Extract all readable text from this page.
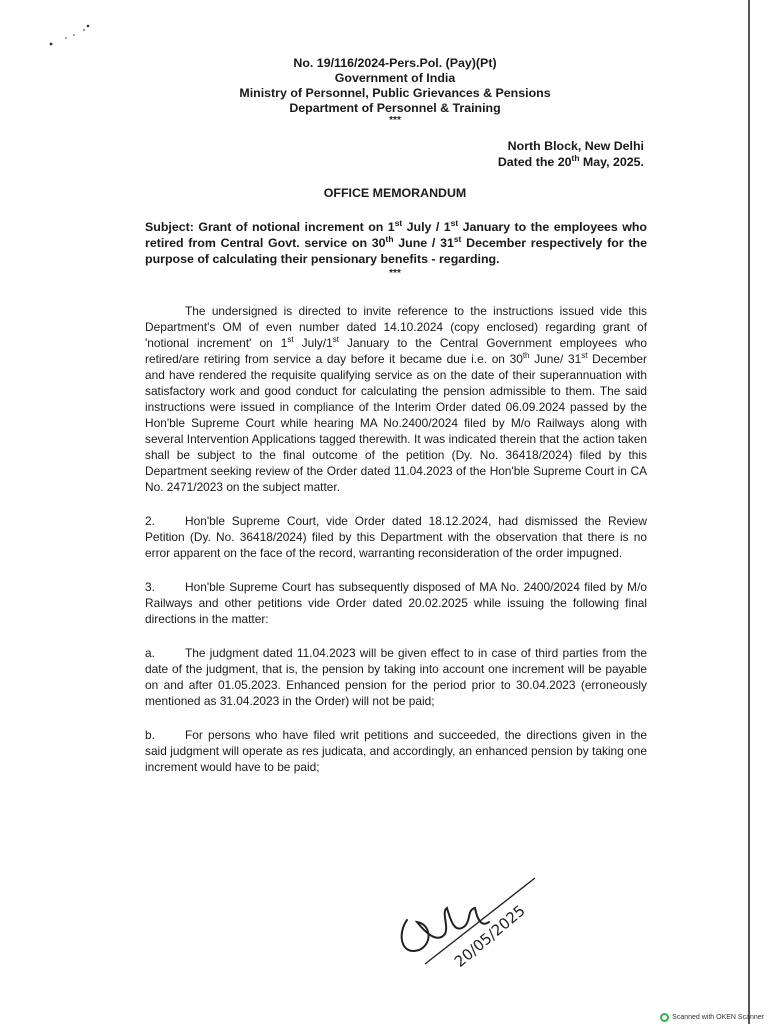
No. 19/116/2024-Pers.Pol. (Pay)(Pt)
Government of India
Ministry of Personnel, Public Grievances & Pensions
Department of Personnel & Training
***
North Block, New Delhi
Dated the 20th May, 2025.
OFFICE MEMORANDUM
Subject: Grant of notional increment on 1st July / 1st January to the employees who retired from Central Govt. service on 30th June / 31st December respectively for the purpose of calculating their pensionary benefits - regarding.
***

The undersigned is directed to invite reference to the instructions issued vide this Department's OM of even number dated 14.10.2024 (copy enclosed) regarding grant of 'notional increment' on 1st July/1st January to the Central Government employees who retired/are retiring from service a day before it became due i.e. on 30th June/ 31st December and have rendered the requisite qualifying service as on the date of their superannuation with satisfactory work and good conduct for calculating the pension admissible to them. The said instructions were issued in compliance of the Interim Order dated 06.09.2024 passed by the Hon'ble Supreme Court while hearing MA No.2400/2024 filed by M/o Railways along with several Intervention Applications tagged therewith. It was indicated therein that the action taken shall be subject to the final outcome of the petition (Dy. No. 36418/2024) filed by this Department seeking review of the Order dated 11.04.2023 of the Hon'ble Supreme Court in CA No. 2471/2023 on the subject matter.

2.	Hon'ble Supreme Court, vide Order dated 18.12.2024, had dismissed the Review Petition (Dy. No. 36418/2024) filed by this Department with the observation that there is no error apparent on the face of the record, warranting reconsideration of the order impugned.

3.	Hon'ble Supreme Court has subsequently disposed of MA No. 2400/2024 filed by M/o Railways and other petitions vide Order dated 20.02.2025 while issuing the following final directions in the matter:

a.	The judgment dated 11.04.2023 will be given effect to in case of third parties from the date of the judgment, that is, the pension by taking into account one increment will be payable on and after 01.05.2023. Enhanced pension for the period prior to 30.04.2023 (erroneously mentioned as 31.04.2023 in the Order) will not be paid;

b.	For persons who have filed writ petitions and succeeded, the directions given in the said judgment will operate as res judicata, and accordingly, an enhanced pension by taking one increment would have to be paid;

20/05/2025
Scanned with OKEN Scanner
